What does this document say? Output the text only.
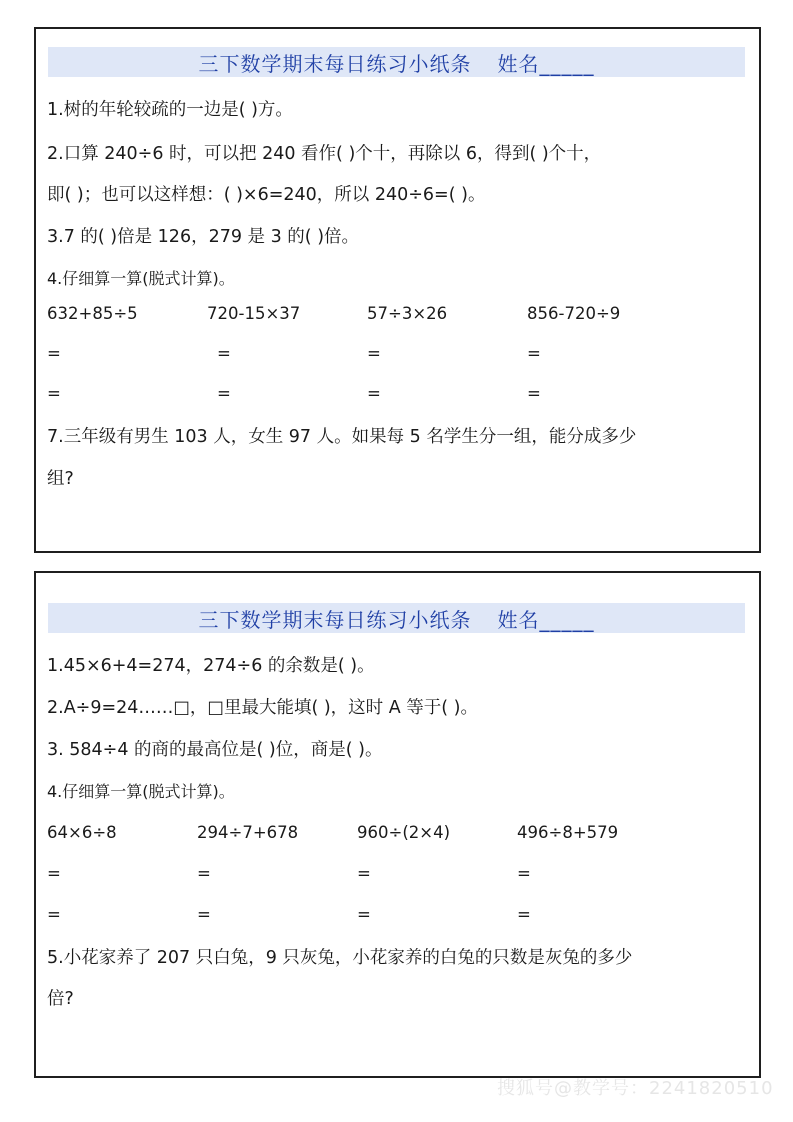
三下数学期末每日练习小纸条 姓名_____
1.树的年轮较疏的一边是( )方。
2.口算 240÷6 时，可以把 240 看作( )个十，再除以 6，得到( )个十，
即( )；也可以这样想：( )×6=240，所以 240÷6=( )。
3.7 的( )倍是 126，279 是 3 的( )倍。
4.仔细算一算(脱式计算)。
632+85÷5	720-15×37	57÷3×26	856-720÷9
=	=	=	=
=	=	=	=
7.三年级有男生 103 人，女生 97 人。如果每 5 名学生分一组，能分成多少
组?
三下数学期末每日练习小纸条 姓名_____
1.45×6+4=274，274÷6 的余数是( )。
2.A÷9=24……□，□里最大能填( )，这时 A 等于( )。
3. 584÷4 的商的最高位是( )位，商是( )。
4.仔细算一算(脱式计算)。
64×6÷8	294÷7+678	960÷(2×4)	496÷8+579
=	=	=	=
=	=	=	=
5.小花家养了 207 只白兔，9 只灰兔，小花家养的白兔的只数是灰兔的多少
倍?
搜狐号@教学号：2241820510
